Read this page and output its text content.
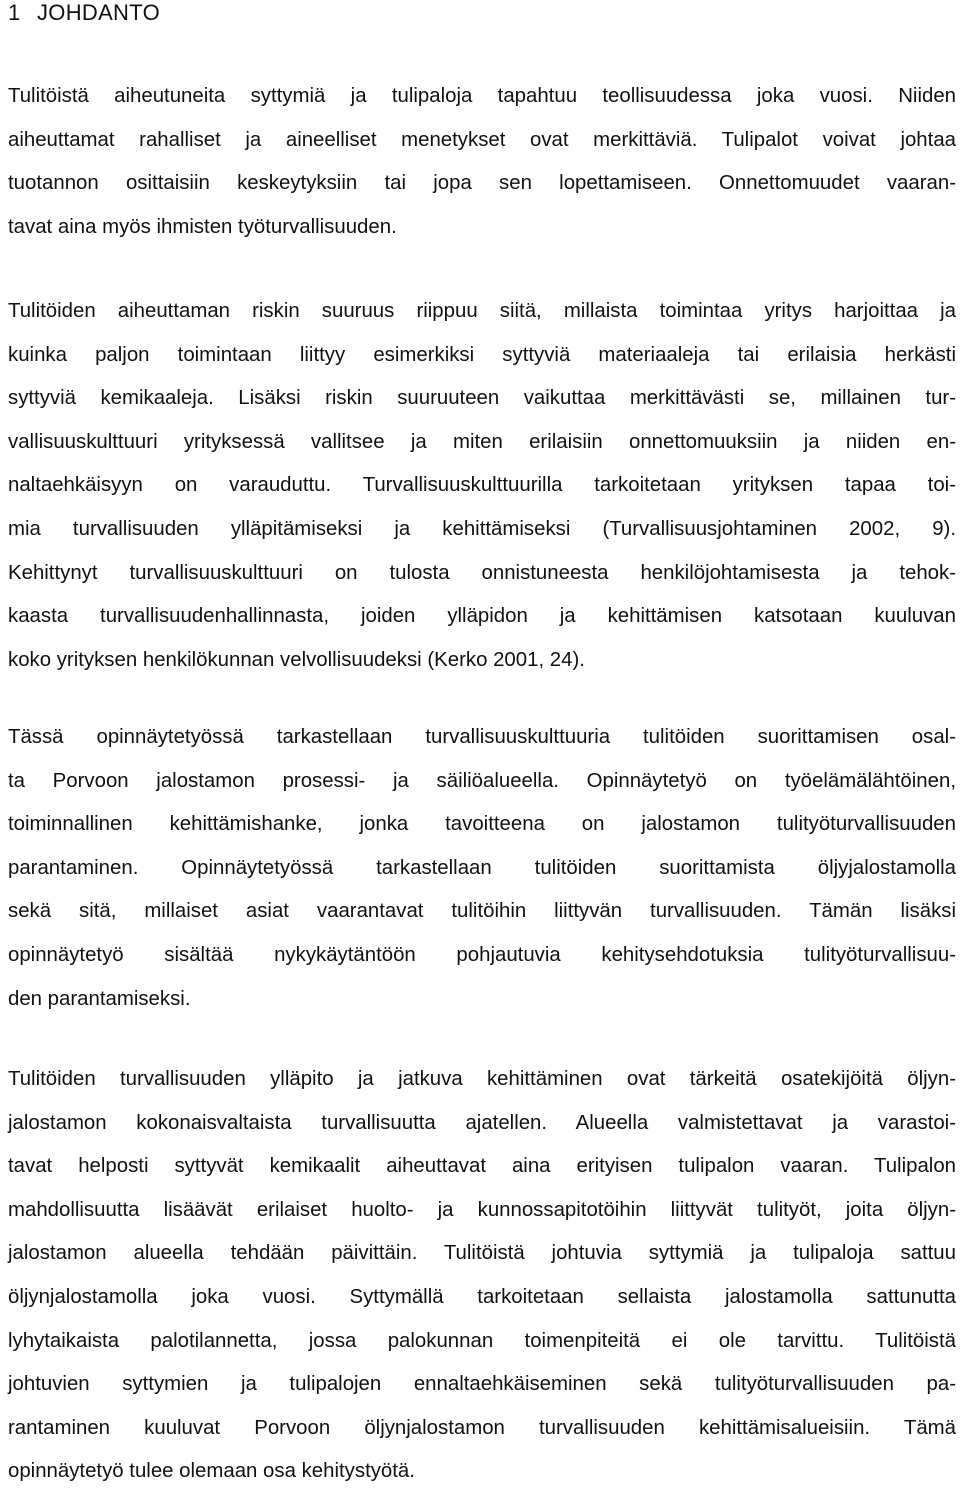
1 JOHDANTO
Tulitöistä aiheutuneita syttymiä ja tulipaloja tapahtuu teollisuudessa joka vuosi. Niiden
aiheuttamat rahalliset ja aineelliset menetykset ovat merkittäviä. Tulipalot voivat johtaa
tuotannon osittaisiin keskeytyksiin tai jopa sen lopettamiseen. Onnettomuudet vaaran-
tavat aina myös ihmisten työturvallisuuden.
Tulitöiden aiheuttaman riskin suuruus riippuu siitä, millaista toimintaa yritys harjoittaa ja
kuinka paljon toimintaan liittyy esimerkiksi syttyviä materiaaleja tai erilaisia herkästi
syttyviä kemikaaleja. Lisäksi riskin suuruuteen vaikuttaa merkittävästi se, millainen tur-
vallisuuskulttuuri yrityksessä vallitsee ja miten erilaisiin onnettomuuksiin ja niiden en-
naltaehkäisyyn on varauduttu. Turvallisuuskulttuurilla tarkoitetaan yrityksen tapaa toi-
mia turvallisuuden ylläpitämiseksi ja kehittämiseksi (Turvallisuusjohtaminen 2002, 9).
Kehittynyt turvallisuuskulttuuri on tulosta onnistuneesta henkilöjohtamisesta ja tehok-
kaasta turvallisuudenhallinnasta, joiden ylläpidon ja kehittämisen katsotaan kuuluvan
koko yrityksen henkilökunnan velvollisuudeksi (Kerko 2001, 24).
Tässä opinnäytetyössä tarkastellaan turvallisuuskulttuuria tulitöiden suorittamisen osal-
ta Porvoon jalostamon prosessi- ja säiliöalueella. Opinnäytetyö on työelämälähtöinen,
toiminnallinen kehittämishanke, jonka tavoitteena on jalostamon tulityöturvallisuuden
parantaminen. Opinnäytetyössä tarkastellaan tulitöiden suorittamista öljyjalostamolla
sekä sitä, millaiset asiat vaarantavat tulitöihin liittyvän turvallisuuden. Tämän lisäksi
opinnäytetyö sisältää nykykäytäntöön pohjautuvia kehitysehdotuksia tulityöturvallisuu-
den parantamiseksi.
Tulitöiden turvallisuuden ylläpito ja jatkuva kehittäminen ovat tärkeitä osatekijöitä öljyn-
jalostamon kokonaisvaltaista turvallisuutta ajatellen. Alueella valmistettavat ja varastoi-
tavat helposti syttyvät kemikaalit aiheuttavat aina erityisen tulipalon vaaran. Tulipalon
mahdollisuutta lisäävät erilaiset huolto- ja kunnossapitotöihin liittyvät tulityöt, joita öljyn-
jalostamon alueella tehdään päivittäin. Tulitöistä johtuvia syttymiä ja tulipaloja sattuu
öljynjalostamolla joka vuosi. Syttymällä tarkoitetaan sellaista jalostamolla sattunutta
lyhytaikaista palotilannetta, jossa palokunnan toimenpiteitä ei ole tarvittu. Tulitöistä
johtuvien syttymien ja tulipalojen ennaltaehkäiseminen sekä tulityöturvallisuuden pa-
rantaminen kuuluvat Porvoon öljynjalostamon turvallisuuden kehittämisalueisiin. Tämä
opinnäytetyö tulee olemaan osa kehitystyötä.
